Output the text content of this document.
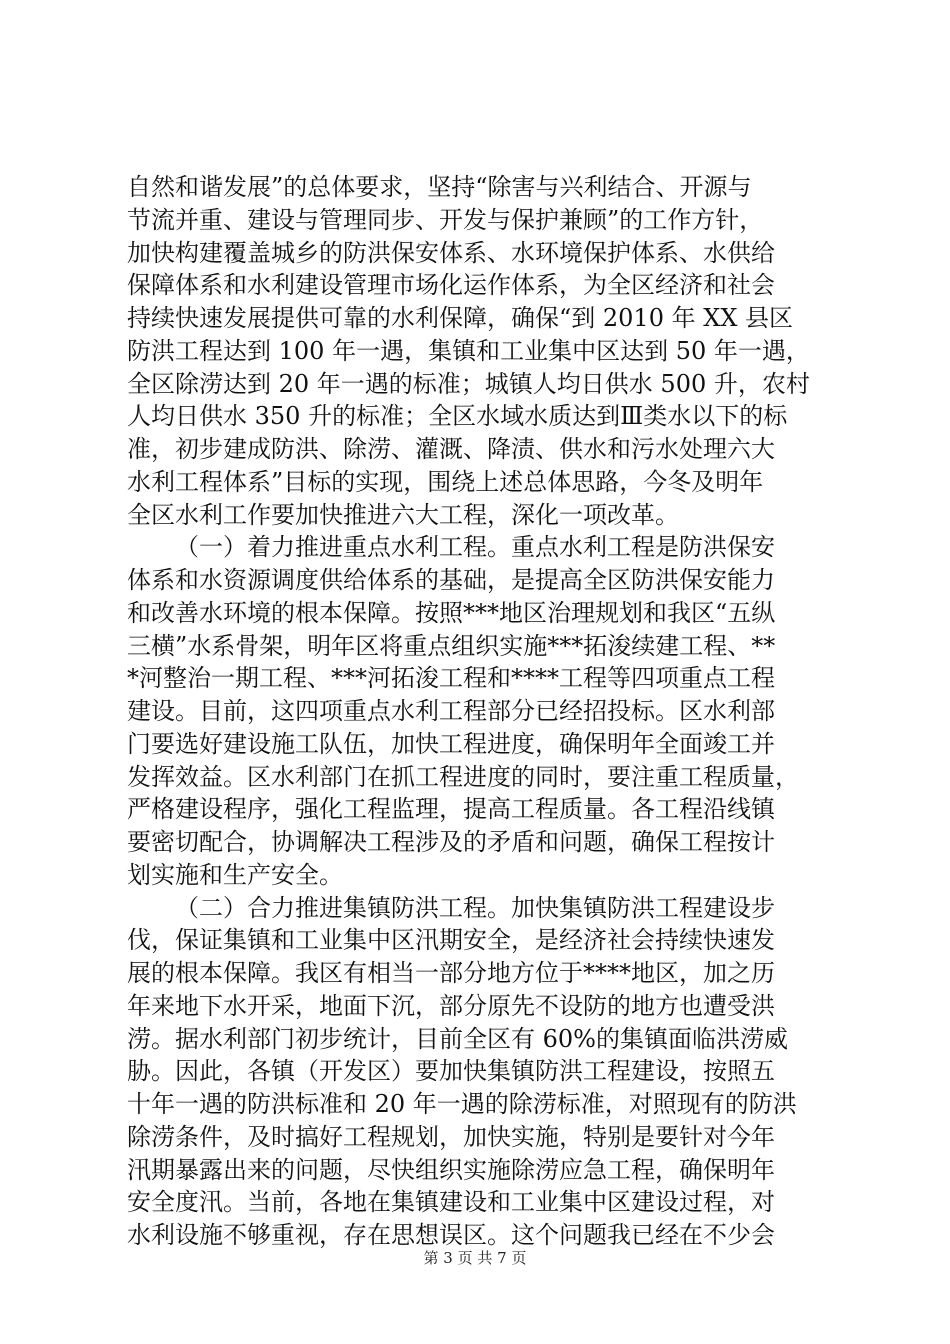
自然和谐发展”的总体要求，坚持“除害与兴利结合、开源与
节流并重、建设与管理同步、开发与保护兼顾”的工作方针，
加快构建覆盖城乡的防洪保安体系、水环境保护体系、水供给
保障体系和水利建设管理市场化运作体系，为全区经济和社会
持续快速发展提供可靠的水利保障，确保“到 2010 年 XX 县区
防洪工程达到 100 年一遇，集镇和工业集中区达到 50 年一遇，
全区除涝达到 20 年一遇的标准；城镇人均日供水 500 升，农村
人均日供水 350 升的标准；全区水域水质达到Ⅲ类水以下的标
准，初步建成防洪、除涝、灌溉、降渍、供水和污水处理六大
水利工程体系”目标的实现，围绕上述总体思路，今冬及明年
全区水利工作要加快推进六大工程，深化一项改革。
（一）着力推进重点水利工程。重点水利工程是防洪保安
体系和水资源调度供给体系的基础，是提高全区防洪保安能力
和改善水环境的根本保障。按照***地区治理规划和我区“五纵
三横”水系骨架，明年区将重点组织实施***拓浚续建工程、**
*河整治一期工程、***河拓浚工程和****工程等四项重点工程
建设。目前，这四项重点水利工程部分已经招投标。区水利部
门要选好建设施工队伍，加快工程进度，确保明年全面竣工并
发挥效益。区水利部门在抓工程进度的同时，要注重工程质量，
严格建设程序，强化工程监理，提高工程质量。各工程沿线镇
要密切配合，协调解决工程涉及的矛盾和问题，确保工程按计
划实施和生产安全。
（二）合力推进集镇防洪工程。加快集镇防洪工程建设步
伐，保证集镇和工业集中区汛期安全，是经济社会持续快速发
展的根本保障。我区有相当一部分地方位于****地区，加之历
年来地下水开采，地面下沉，部分原先不设防的地方也遭受洪
涝。据水利部门初步统计，目前全区有 60%的集镇面临洪涝威
胁。因此，各镇（开发区）要加快集镇防洪工程建设，按照五
十年一遇的防洪标准和 20 年一遇的除涝标准，对照现有的防洪
除涝条件，及时搞好工程规划，加快实施，特别是要针对今年
汛期暴露出来的问题，尽快组织实施除涝应急工程，确保明年
安全度汛。当前，各地在集镇建设和工业集中区建设过程，对
水利设施不够重视，存在思想误区。这个问题我已经在不少会
第 3 页 共 7 页
